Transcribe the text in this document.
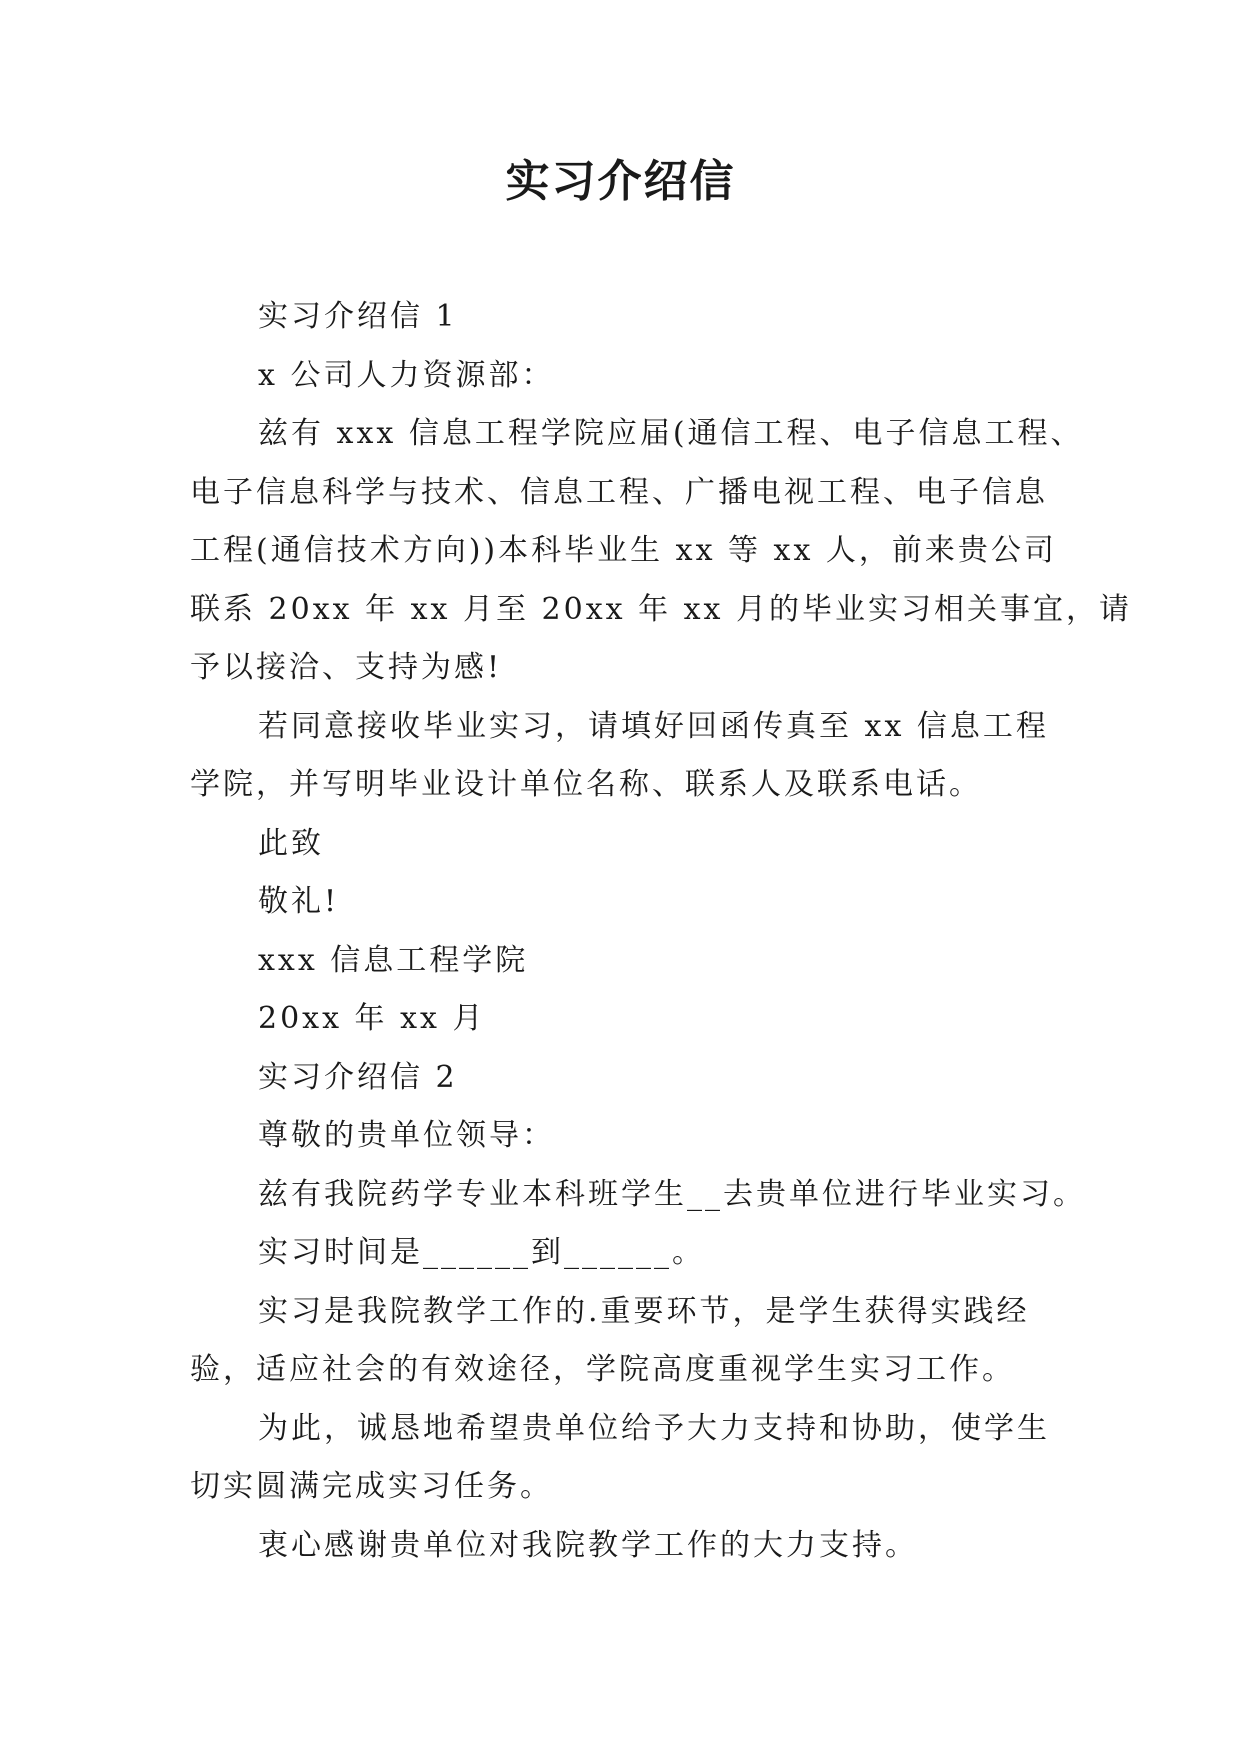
实习介绍信

实习介绍信 1

x 公司人力资源部：

兹有 xxx 信息工程学院应届(通信工程、电子信息工程、

电子信息科学与技术、信息工程、广播电视工程、电子信息

工程(通信技术方向))本科毕业生 xx 等 xx 人，前来贵公司

联系 20xx 年 xx 月至 20xx 年 xx 月的毕业实习相关事宜，请

予以接洽、支持为感!

若同意接收毕业实习，请填好回函传真至 xx 信息工程

学院，并写明毕业设计单位名称、联系人及联系电话。

此致

敬礼!

xxx 信息工程学院

20xx 年 xx 月

实习介绍信 2

尊敬的贵单位领导：

兹有我院药学专业本科班学生__去贵单位进行毕业实习。

实习时间是______到______。

实习是我院教学工作的.重要环节，是学生获得实践经

验，适应社会的有效途径，学院高度重视学生实习工作。

为此，诚恳地希望贵单位给予大力支持和协助，使学生

切实圆满完成实习任务。

衷心感谢贵单位对我院教学工作的大力支持。
